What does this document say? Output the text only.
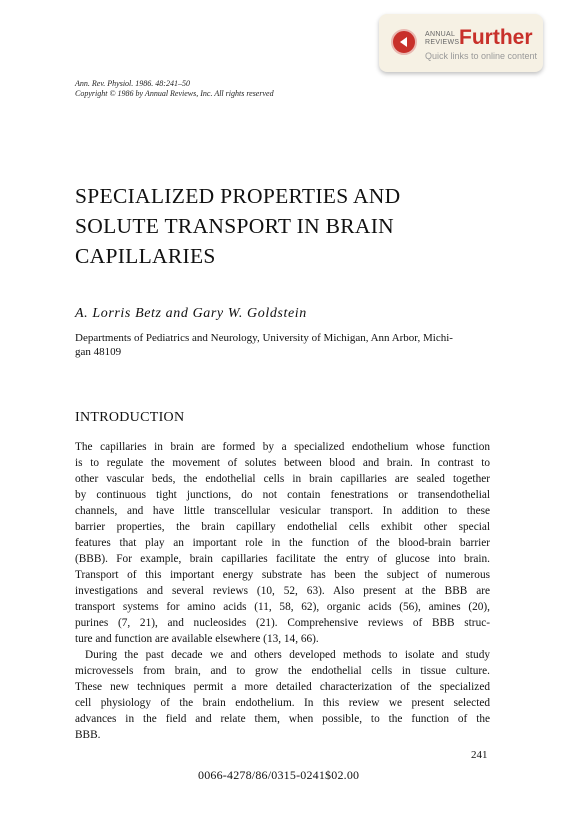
ANNUAL
REVIEWS Further
Quick links to online content
Ann. Rev. Physiol. 1986. 48:241–50
Copyright © 1986 by Annual Reviews, Inc. All rights reserved
SPECIALIZED PROPERTIES AND
SOLUTE TRANSPORT IN BRAIN
CAPILLARIES
A. Lorris Betz and Gary W. Goldstein
Departments of Pediatrics and Neurology, University of Michigan, Ann Arbor, Michi-
gan 48109
INTRODUCTION
The capillaries in brain are formed by a specialized endothelium whose function
is to regulate the movement of solutes between blood and brain. In contrast to
other vascular beds, the endothelial cells in brain capillaries are sealed together
by continuous tight junctions, do not contain fenestrations or transendothelial
channels, and have little transcellular vesicular transport. In addition to these
barrier properties, the brain capillary endothelial cells exhibit other special
features that play an important role in the function of the blood-brain barrier
(BBB). For example, brain capillaries facilitate the entry of glucose into brain.
Transport of this important energy substrate has been the subject of numerous
investigations and several reviews (10, 52, 63). Also present at the BBB are
transport systems for amino acids (11, 58, 62), organic acids (56), amines (20),
purines (7, 21), and nucleosides (21). Comprehensive reviews of BBB struc-
ture and function are available elsewhere (13, 14, 66).
During the past decade we and others developed methods to isolate and study
microvessels from brain, and to grow the endothelial cells in tissue culture.
These new techniques permit a more detailed characterization of the specialized
cell physiology of the brain endothelium. In this review we present selected
advances in the field and relate them, when possible, to the function of the
BBB.
241
0066-4278/86/0315-0241$02.00
